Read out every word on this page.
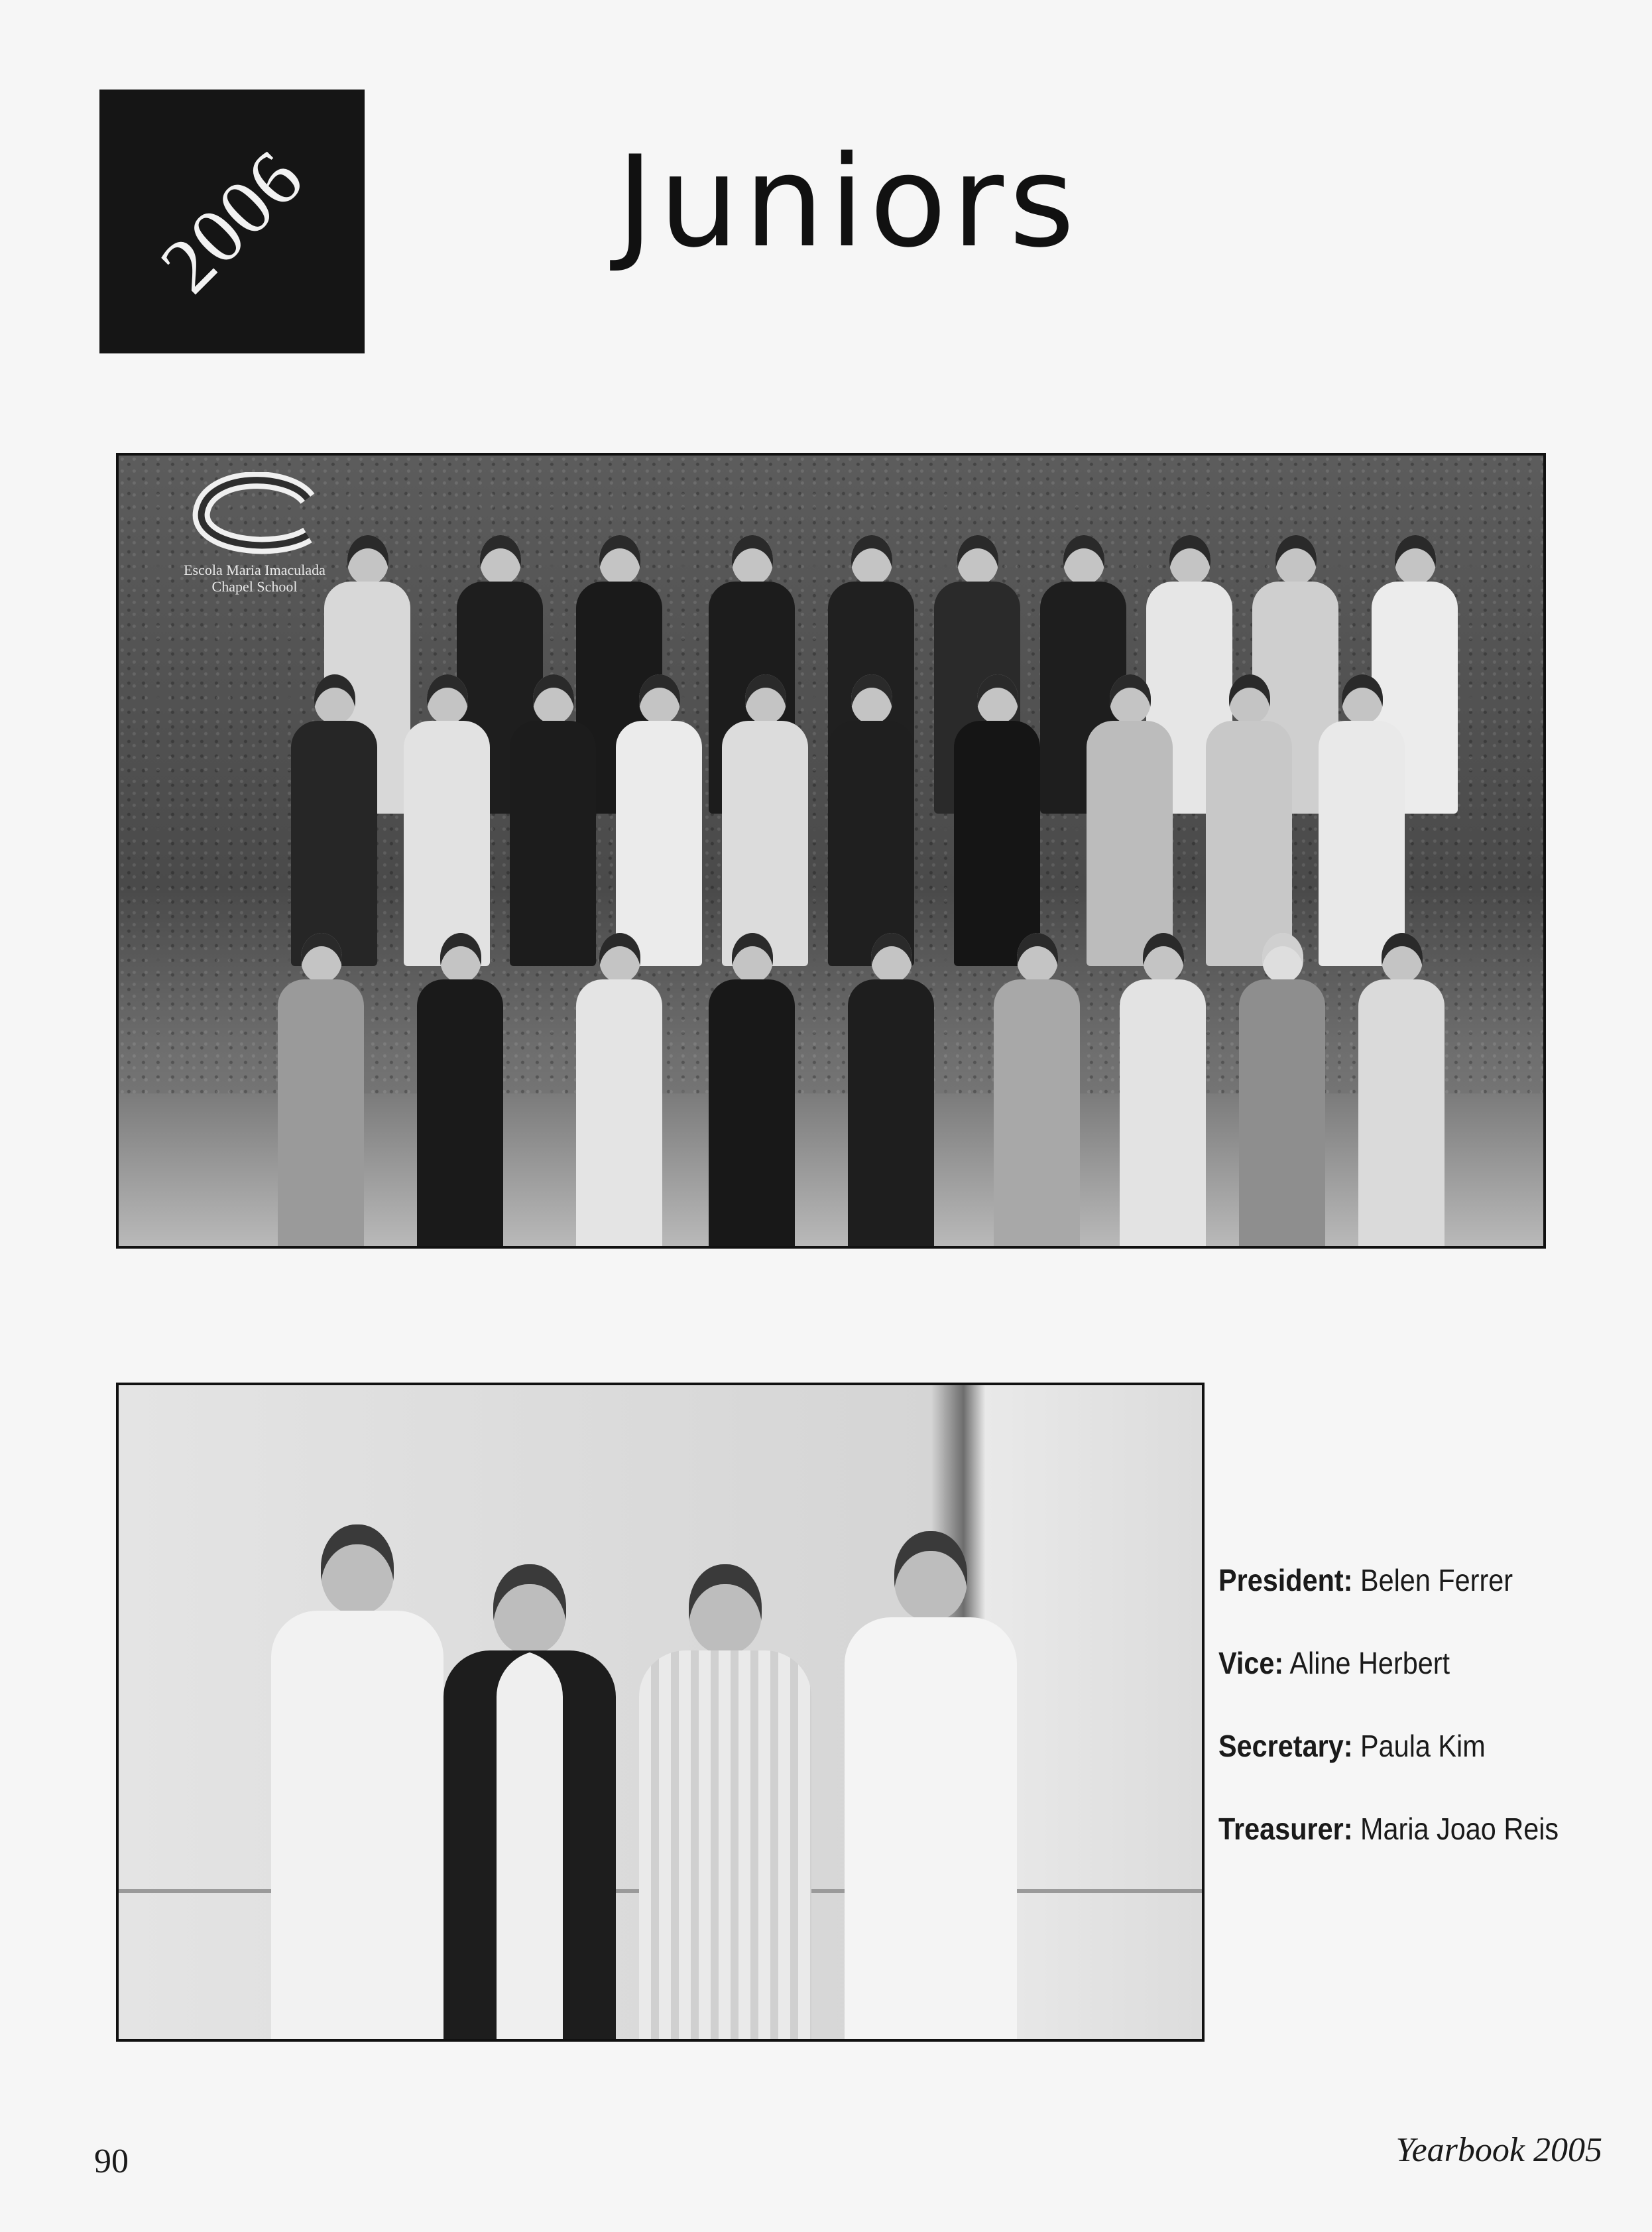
2006 Juniors
Escola Maria Imaculada
Chapel School
President: Belen Ferrer
Vice: Aline Herbert
Secretary: Paula Kim
Treasurer: Maria Joao Reis
90	Yearbook 2005
